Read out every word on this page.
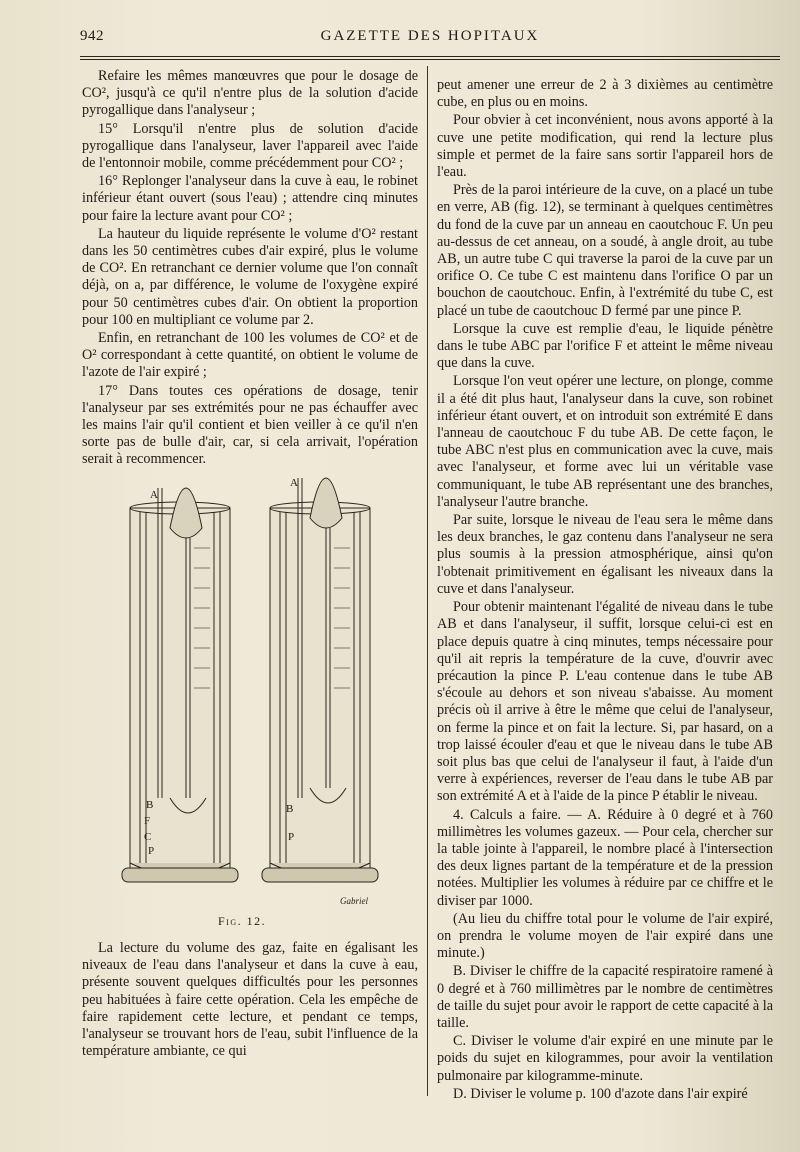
942	GAZETTE DES HOPITAUX

Refaire les mêmes manœuvres que pour le dosage de CO², jusqu'à ce qu'il n'entre plus de la solution d'acide pyrogallique dans l'analyseur ;

15° Lorsqu'il n'entre plus de solution d'acide pyrogallique dans l'analyseur, laver l'appareil avec l'aide de l'entonnoir mobile, comme précédemment pour CO² ;

16° Replonger l'analyseur dans la cuve à eau, le robinet inférieur étant ouvert (sous l'eau) ; attendre cinq minutes pour faire la lecture avant pour CO² ;

La hauteur du liquide représente le volume d'O² restant dans les 50 centimètres cubes d'air expiré, plus le volume de CO². En retranchant ce dernier volume que l'on connaît déjà, on a, par différence, le volume de l'oxygène expiré pour 50 centimètres cubes d'air. On obtient la proportion pour 100 en multipliant ce volume par 2.

Enfin, en retranchant de 100 les volumes de CO² et de O² correspondant à cette quantité, on obtient le volume de l'azote de l'air expiré ;

17° Dans toutes ces opérations de dosage, tenir l'analyseur par ses extrémités pour ne pas échauffer avec les mains l'air qu'il contient et bien veiller à ce qu'il n'en sorte pas de bulle d'air, car, si cela arrivait, l'opération serait à recommencer.

A
A
B
F
C
P
B
P
Gabriel
Fig. 12.

La lecture du volume des gaz, faite en égalisant les niveaux de l'eau dans l'analyseur et dans la cuve à eau, présente souvent quelques difficultés pour les personnes peu habituées à faire cette opération. Cela les empêche de faire rapidement cette lecture, et pendant ce temps, l'analyseur se trouvant hors de l'eau, subit l'influence de la température ambiante, ce qui

peut amener une erreur de 2 à 3 dixièmes au centimètre cube, en plus ou en moins.

Pour obvier à cet inconvénient, nous avons apporté à la cuve une petite modification, qui rend la lecture plus simple et permet de la faire sans sortir l'appareil hors de l'eau.

Près de la paroi intérieure de la cuve, on a placé un tube en verre, AB (fig. 12), se terminant à quelques centimètres du fond de la cuve par un anneau en caoutchouc F. Un peu au-dessus de cet anneau, on a soudé, à angle droit, au tube AB, un autre tube C qui traverse la paroi de la cuve par un orifice O. Ce tube C est maintenu dans l'orifice O par un bouchon de caoutchouc. Enfin, à l'extrémité du tube C, est placé un tube de caoutchouc D fermé par une pince P.

Lorsque la cuve est remplie d'eau, le liquide pénètre dans le tube ABC par l'orifice F et atteint le même niveau que dans la cuve.

Lorsque l'on veut opérer une lecture, on plonge, comme il a été dit plus haut, l'analyseur dans la cuve, son robinet inférieur étant ouvert, et on introduit son extrémité E dans l'anneau de caoutchouc F du tube AB. De cette façon, le tube ABC n'est plus en communication avec la cuve, mais avec l'analyseur, et forme avec lui un véritable vase communiquant, le tube AB représentant une des branches, l'analyseur l'autre branche.

Par suite, lorsque le niveau de l'eau sera le même dans les deux branches, le gaz contenu dans l'analyseur ne sera plus soumis à la pression atmosphérique, ainsi qu'on l'obtenait primitivement en égalisant les niveaux dans la cuve et dans l'analyseur.

Pour obtenir maintenant l'égalité de niveau dans le tube AB et dans l'analyseur, il suffit, lorsque celui-ci est en place depuis quatre à cinq minutes, temps nécessaire pour qu'il ait repris la température de la cuve, d'ouvrir avec précaution la pince P. L'eau contenue dans le tube AB s'écoule au dehors et son niveau s'abaisse. Au moment précis où il arrive à être le même que celui de l'analyseur, on ferme la pince et on fait la lecture. Si, par hasard, on a trop laissé écouler d'eau et que le niveau dans le tube AB soit plus bas que celui de l'analyseur il faut, à l'aide d'un verre à expériences, reverser de l'eau dans le tube AB par son extrémité A et à l'aide de la pince P établir le niveau.

4. Calculs a faire. — A. Réduire à 0 degré et à 760 millimètres les volumes gazeux. — Pour cela, chercher sur la table jointe à l'appareil, le nombre placé à l'intersection des deux lignes partant de la température et de la pression notées. Multiplier les volumes à réduire par ce chiffre et le diviser par 1000.

(Au lieu du chiffre total pour le volume de l'air expiré, on prendra le volume moyen de l'air expiré dans une minute.)

B. Diviser le chiffre de la capacité respiratoire ramené à 0 degré et à 760 millimètres par le nombre de centimètres de taille du sujet pour avoir le rapport de cette capacité à la taille.

C. Diviser le volume d'air expiré en une minute par le poids du sujet en kilogrammes, pour avoir la ventilation pulmonaire par kilogramme-minute.

D. Diviser le volume p. 100 d'azote dans l'air expiré
